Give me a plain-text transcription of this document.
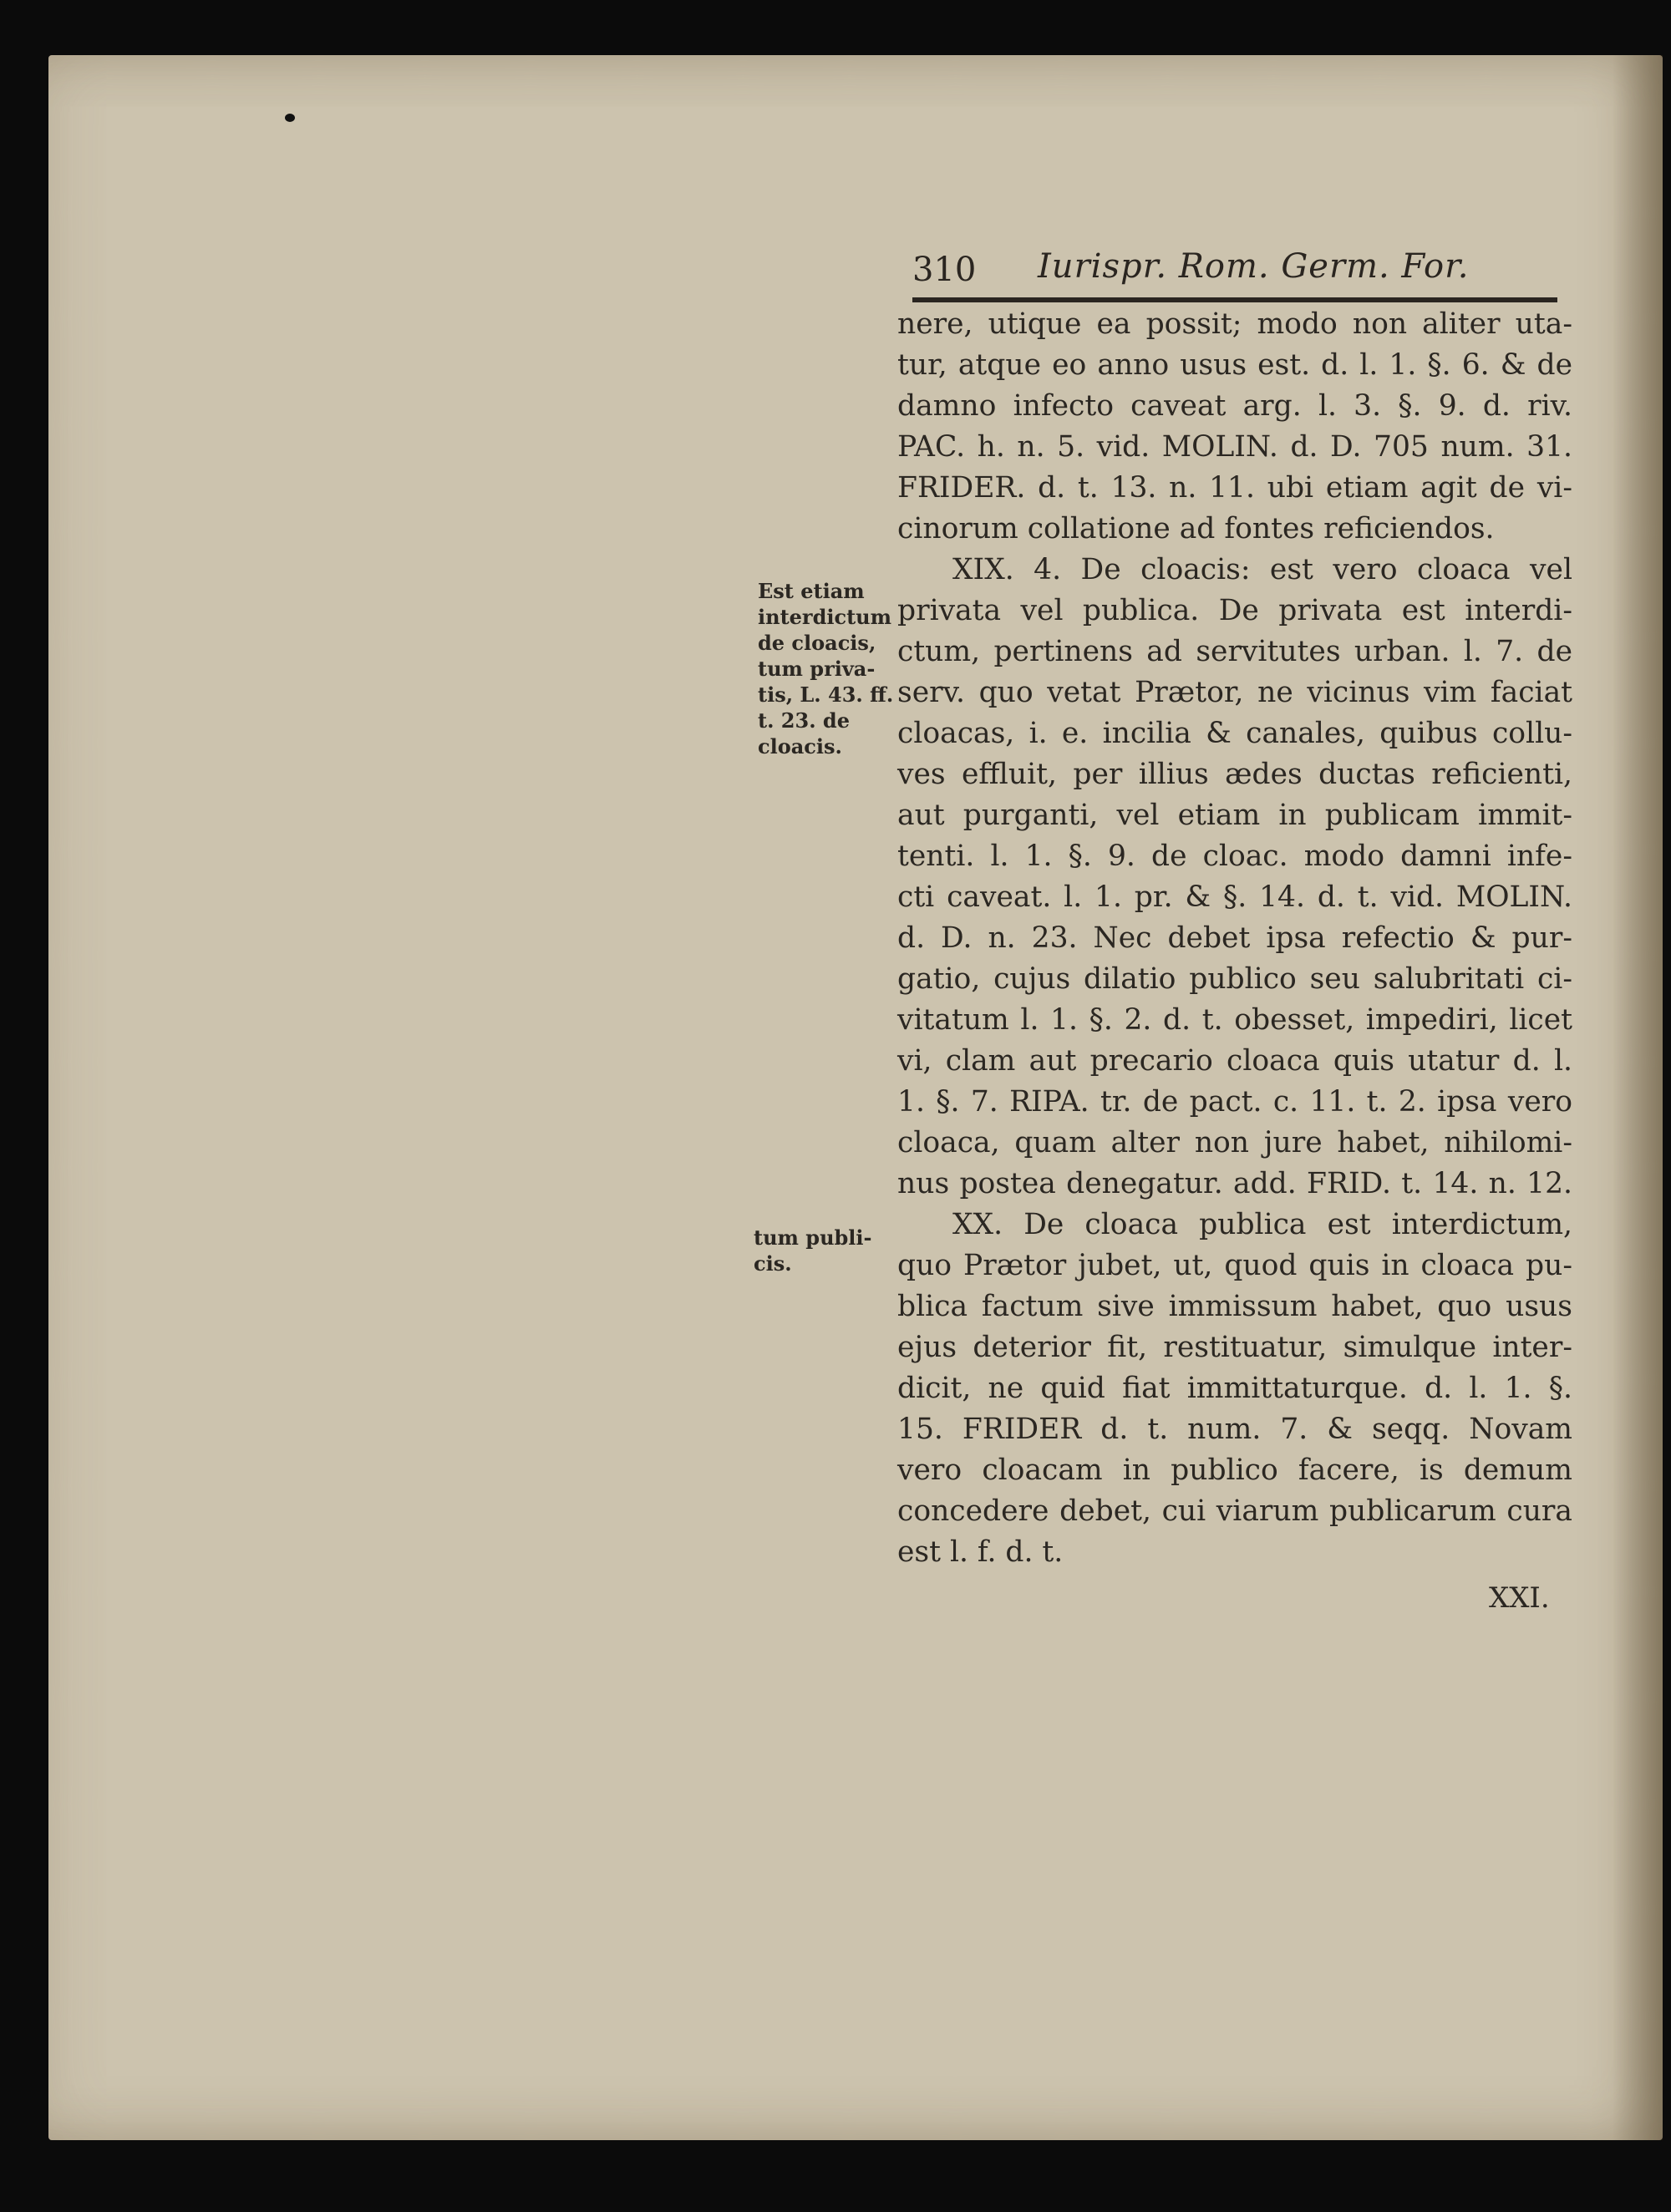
310 Iurispr. Rom. Germ. For.
Est etiam
interdictum
de cloacis,
tum priva-
tis, L. 43. ff.
t. 23. de
cloacis.
tum publi-
cis.
nere, utique ea possit; modo non aliter uta-
tur, atque eo anno usus est. d. l. 1. §. 6. & de
damno infecto caveat arg. l. 3. §. 9. d. riv.
PAC. h. n. 5. vid. MOLIN. d. D. 705 num. 31.
FRIDER. d. t. 13. n. 11. ubi etiam agit de vi-
cinorum collatione ad fontes reficiendos.
XIX. 4. De cloacis: est vero cloaca vel
privata vel publica. De privata est interdi-
ctum, pertinens ad servitutes urban. l. 7. de
serv. quo vetat Prætor, ne vicinus vim faciat
cloacas, i. e. incilia & canales, quibus collu-
ves effluit, per illius ædes ductas reficienti,
aut purganti, vel etiam in publicam immit-
tenti. l. 1. §. 9. de cloac. modo damni infe-
cti caveat. l. 1. pr. & §. 14. d. t. vid. MOLIN.
d. D. n. 23. Nec debet ipsa refectio & pur-
gatio, cujus dilatio publico seu salubritati ci-
vitatum l. 1. §. 2. d. t. obesset, impediri, licet
vi, clam aut precario cloaca quis utatur d. l.
1. §. 7. RIPA. tr. de pact. c. 11. t. 2. ipsa vero
cloaca, quam alter non jure habet, nihilomi-
nus postea denegatur. add. FRID. t. 14. n. 12.
XX. De cloaca publica est interdictum,
quo Prætor jubet, ut, quod quis in cloaca pu-
blica factum sive immissum habet, quo usus
ejus deterior fit, restituatur, simulque inter-
dicit, ne quid fiat immittaturque. d. l. 1. §.
15. FRIDER d. t. num. 7. & seqq. Novam
vero cloacam in publico facere, is demum
concedere debet, cui viarum publicarum cura
est l. f. d. t.
XXI.
